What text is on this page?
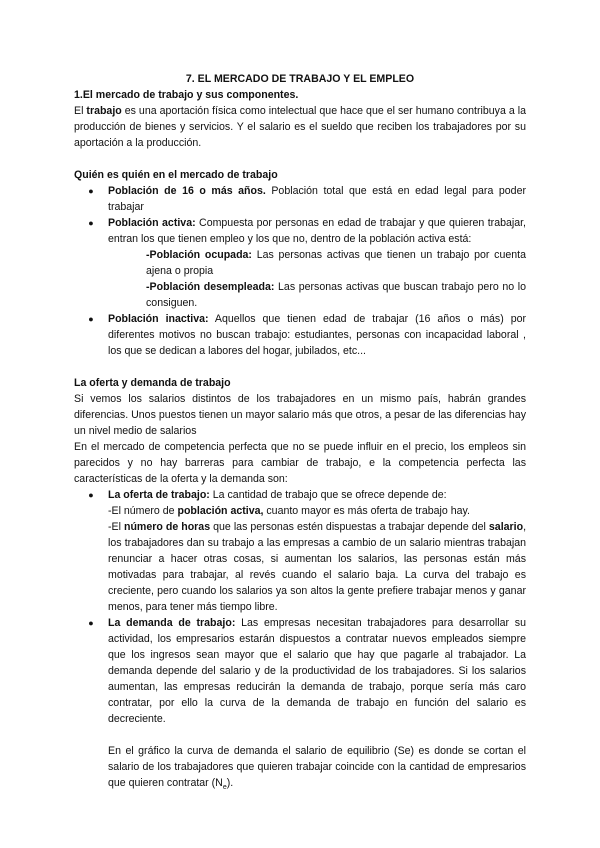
7. EL MERCADO DE TRABAJO Y EL EMPLEO
1.El mercado de trabajo y sus componentes.

El trabajo es una aportación física como intelectual que hace que el ser humano contribuya a la producción de bienes y servicios. Y el salario es el sueldo que reciben los trabajadores por su aportación a la producción.

Quién es quién en el mercado de trabajo
●	Población de 16 o más años. Población total que está en edad legal para poder trabajar
●	Población activa: Compuesta por personas en edad de trabajar y que quieren trabajar, entran los que tienen empleo y los que no, dentro de la población activa está:

-Población ocupada: Las personas activas que tienen un trabajo por cuenta ajena o propia

-Población desempleada: Las personas activas que buscan trabajo pero no lo consiguen.

●	Población inactiva: Aquellos que tienen edad de trabajar (16 años o más) por diferentes motivos no buscan trabajo: estudiantes, personas con incapacidad laboral , los que se dedican a labores del hogar, jubilados, etc...
La oferta y demanda de trabajo

Si vemos los salarios distintos de los trabajadores en un mismo país, habrán grandes diferencias. Unos puestos tienen un mayor salario más que otros, a pesar de las diferencias hay un nivel medio de salarios

En el mercado de competencia perfecta que no se puede influir en el precio, los empleos sin parecidos y no hay barreras para cambiar de trabajo, e la competencia perfecta las características de la oferta y la demanda son:

●	La oferta de trabajo: La cantidad de trabajo que se ofrece depende de:

-El número de población activa, cuanto mayor es más oferta de trabajo hay.

-El número de horas que las personas estén dispuestas a trabajar depende del salario, los trabajadores dan su trabajo a las empresas a cambio de un salario mientras trabajan renunciar a hacer otras cosas, si aumentan los salarios, las personas están más motivadas para trabajar, al revés cuando el salario baja. La curva del trabajo es creciente, pero cuando los salarios ya son altos la gente prefiere trabajar menos y ganar menos, para tener más tiempo libre.

●	La demanda de trabajo: Las empresas necesitan trabajadores para desarrollar su actividad, los empresarios estarán dispuestos a contratar nuevos empleados siempre que los ingresos sean mayor que el salario que hay que pagarle al trabajador. La demanda depende del salario y de la productividad de los trabajadores. Si los salarios aumentan, las empresas reducirán la demanda de trabajo, porque sería más caro contratar, por ello la curva de la demanda de trabajo en función del salario es decreciente.

En el gráfico la curva de demanda el salario de equilibrio (Se) es donde se cortan el salario de los trabajadores que quieren trabajar coincide con la cantidad de empresarios que quieren contratar $(N_e)$.
